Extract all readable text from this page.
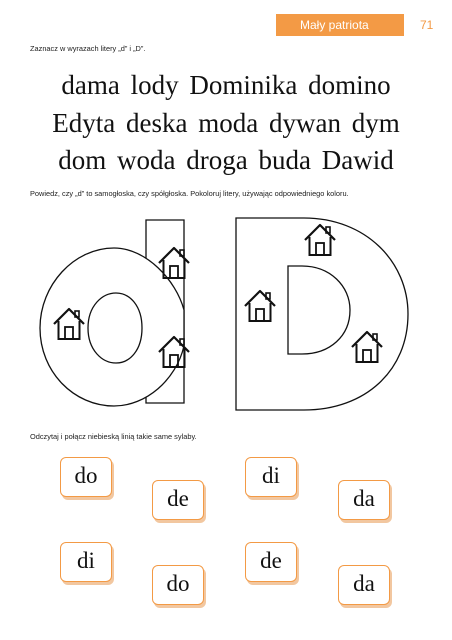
Mały patriota	71
Zaznacz w wyrazach litery „d” i „D”.
dama lody Dominika domino
Edyta deska moda dywan dym
dom woda droga buda Dawid
Powiedz, czy „d” to samogłoska, czy spółgłoska. Pokoloruj litery, używając odpowiedniego koloru.
Odczytaj i połącz niebieską linią takie same sylaby.
do
de
di
da
di
do
de
da
